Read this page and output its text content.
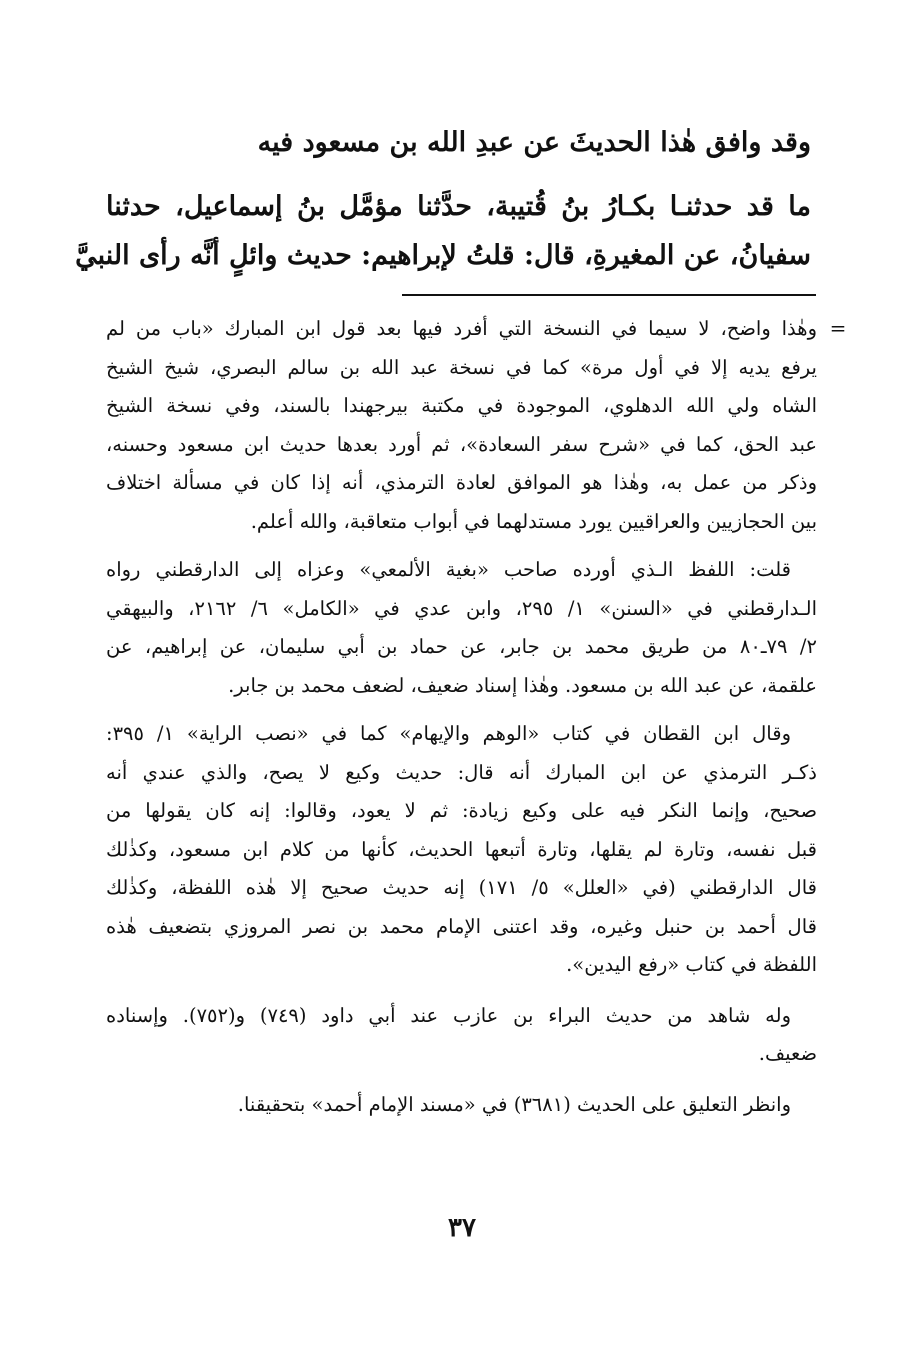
وقد وافق هٰذا الحديثَ عن عبدِ الله بن مسعود فيه
ما قد حدثنـا بكـارُ بنُ قُتيبة، حدَّثنا مؤمَّل بنُ إسماعيل، حدثنا
سفيانُ، عن المغيرةِ، قال: قلتُ لإبراهيم: حديث وائلٍ أنَّه رأى النبيَّ
=

وهٰذا واضح، لا سيما في النسخة التي أفرد فيها بعد قول ابن المبارك «باب من لم
يرفع يديه إلا في أول مرة» كما في نسخة عبد الله بن سالم البصري، شيخ الشيخ
الشاه ولي الله الدهلوي، الموجودة في مكتبة بيرجهندا بالسند، وفي نسخة الشيخ
عبد الحق، كما في «شرح سفر السعادة»، ثم أورد بعدها حديث ابن مسعود وحسنه،
وذكر من عمل به، وهٰذا هو الموافق لعادة الترمذي، أنه إذا كان في مسألة اختلاف
بين الحجازيين والعراقيين يورد مستدلهما في أبواب متعاقبة، والله أعلم.

قلت: اللفظ الـذي أورده صاحب «بغية الألمعي» وعزاه إلى الدارقطني رواه
الـدارقطني في «السنن» ١/ ٢٩٥، وابن عدي في «الكامل» ٦/ ٢١٦٢، والبيهقي
٢/ ٧٩ـ٨٠ من طريق محمد بن جابر، عن حماد بن أبي سليمان، عن إبراهيم، عن
علقمة، عن عبد الله بن مسعود. وهٰذا إسناد ضعيف، لضعف محمد بن جابر.

وقال ابن القطان في كتاب «الوهم والإيهام» كما في «نصب الراية» ١/ ٣٩٥:
ذكـر الترمذي عن ابن المبارك أنه قال: حديث وكيع لا يصح، والذي عندي أنه
صحيح، وإنما النكر فيه على وكيع زيادة: ثم لا يعود، وقالوا: إنه كان يقولها من
قبل نفسه، وتارة لم يقلها، وتارة أتبعها الحديث، كأنها من كلام ابن مسعود، وكذٰلك
قال الدارقطني (في «العلل» ٥/ ١٧١) إنه حديث صحيح إلا هٰذه اللفظة، وكذٰلك
قال أحمد بن حنبل وغيره، وقد اعتنى الإمام محمد بن نصر المروزي بتضعيف هٰذه
اللفظة في كتاب «رفع اليدين».

وله شاهد من حديث البراء بن عازب عند أبي داود (٧٤٩) و(٧٥٢). وإسناده
ضعيف.

وانظر التعليق على الحديث (٣٦٨١) في «مسند الإمام أحمد» بتحقيقنا.

٣٧
